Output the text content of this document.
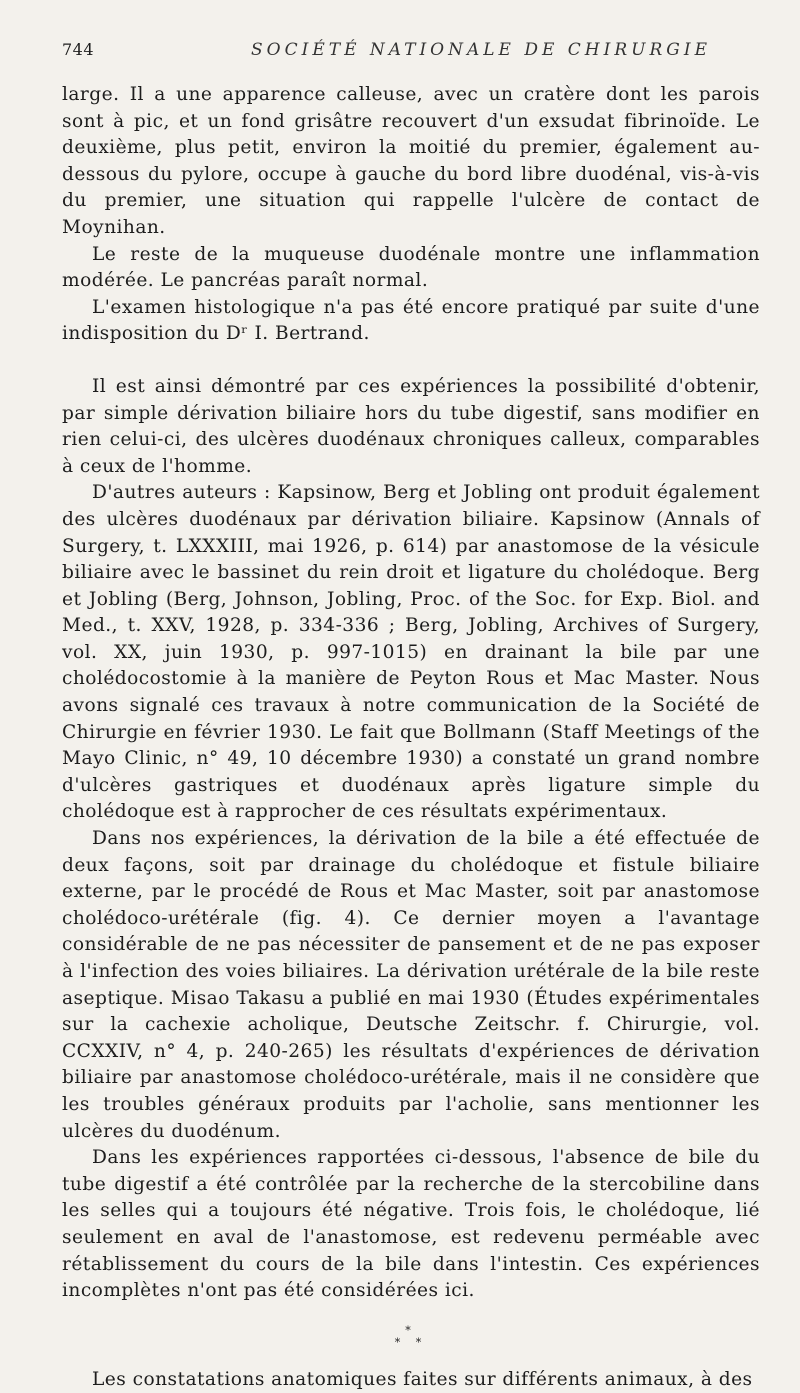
744	SOCIÉTÉ NATIONALE DE CHIRURGIE

large. Il a une apparence calleuse, avec un cratère dont les parois sont à pic, et un fond grisâtre recouvert d'un exsudat fibrinoïde. Le deuxième, plus petit, environ la moitié du premier, également au-dessous du pylore, occupe à gauche du bord libre duodénal, vis-à-vis du premier, une situation qui rappelle l'ulcère de contact de Moynihan.

Le reste de la muqueuse duodénale montre une inflammation modérée. Le pancréas paraît normal.

L'examen histologique n'a pas été encore pratiqué par suite d'une indisposition du Dʳ I. Bertrand.

Il est ainsi démontré par ces expériences la possibilité d'obtenir, par simple dérivation biliaire hors du tube digestif, sans modifier en rien celui-ci, des ulcères duodénaux chroniques calleux, comparables à ceux de l'homme.

D'autres auteurs : Kapsinow, Berg et Jobling ont produit également des ulcères duodénaux par dérivation biliaire. Kapsinow (Annals of Surgery, t. LXXXIII, mai 1926, p. 614) par anastomose de la vésicule biliaire avec le bassinet du rein droit et ligature du cholédoque. Berg et Jobling (Berg, Johnson, Jobling, Proc. of the Soc. for Exp. Biol. and Med., t. XXV, 1928, p. 334-336 ; Berg, Jobling, Archives of Surgery, vol. XX, juin 1930, p. 997-1015) en drainant la bile par une cholédocostomie à la manière de Peyton Rous et Mac Master. Nous avons signalé ces travaux à notre communication de la Société de Chirurgie en février 1930. Le fait que Bollmann (Staff Meetings of the Mayo Clinic, n° 49, 10 décembre 1930) a constaté un grand nombre d'ulcères gastriques et duodénaux après ligature simple du cholédoque est à rapprocher de ces résultats expérimentaux.

Dans nos expériences, la dérivation de la bile a été effectuée de deux façons, soit par drainage du cholédoque et fistule biliaire externe, par le procédé de Rous et Mac Master, soit par anastomose cholédoco-urétérale (fig. 4). Ce dernier moyen a l'avantage considérable de ne pas nécessiter de pansement et de ne pas exposer à l'infection des voies biliaires. La dérivation urétérale de la bile reste aseptique. Misao Takasu a publié en mai 1930 (Études expérimentales sur la cachexie acholique, Deutsche Zeitschr. f. Chirurgie, vol. CCXXIV, n° 4, p. 240-265) les résultats d'expériences de dérivation biliaire par anastomose cholédoco-urétérale, mais il ne considère que les troubles généraux produits par l'acholie, sans mentionner les ulcères du duodénum.

Dans les expériences rapportées ci-dessous, l'absence de bile du tube digestif a été contrôlée par la recherche de la stercobiline dans les selles qui a toujours été négative. Trois fois, le cholédoque, lié seulement en aval de l'anastomose, est redevenu perméable avec rétablissement du cours de la bile dans l'intestin. Ces expériences incomplètes n'ont pas été considérées ici.

*
* *

Les constatations anatomiques faites sur différents animaux, à des
